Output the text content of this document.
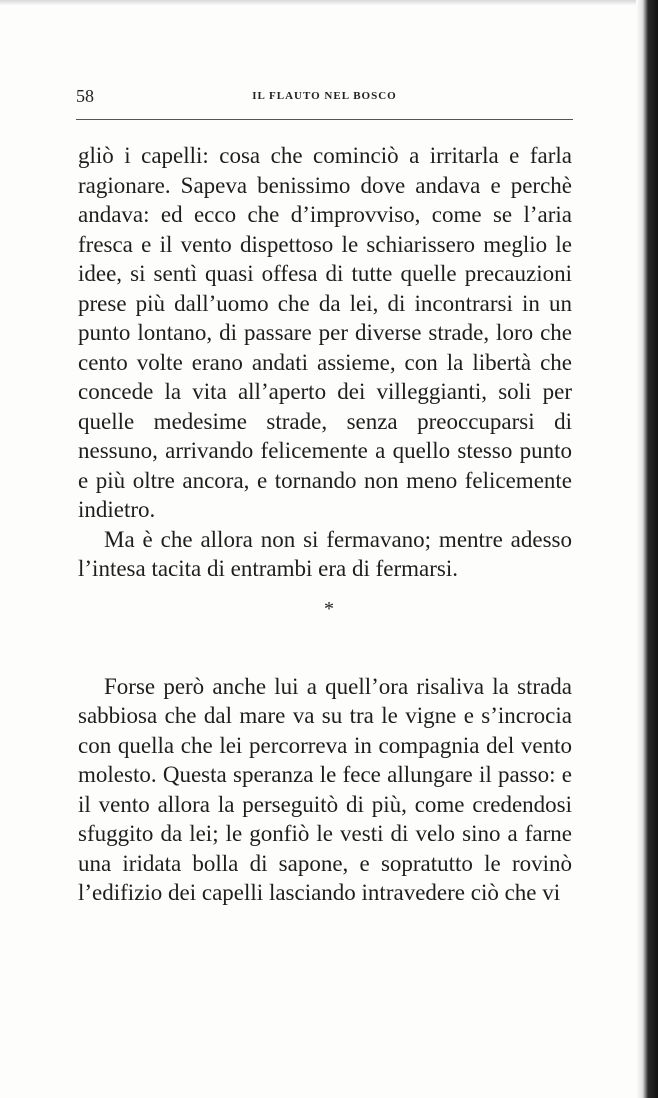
58	IL FLAUTO NEL BOSCO

gliò i capelli: cosa che cominciò a irritarla e farla ragionare. Sapeva benissimo dove andava e perchè andava: ed ecco che d’improvviso, come se l’aria fresca e il vento dispettoso le schiarissero meglio le idee, si sentì quasi offesa di tutte quelle precauzioni prese più dall’uomo che da lei, di incontrarsi in un punto lontano, di passare per diverse strade, loro che cento volte erano andati assieme, con la libertà che concede la vita all’aperto dei villeggianti, soli per quelle medesime strade, senza preoccuparsi di nessuno, arrivando felicemente a quello stesso punto e più oltre ancora, e tornando non meno felicemente indietro.

Ma è che allora non si fermavano; mentre adesso l’intesa tacita di entrambi era di fermarsi.

*

Forse però anche lui a quell’ora risaliva la strada sabbiosa che dal mare va su tra le vigne e s’incrocia con quella che lei percorreva in compagnia del vento molesto. Questa speranza le fece allungare il passo: e il vento allora la perseguitò di più, come credendosi sfuggito da lei; le gonfiò le vesti di velo sino a farne una iridata bolla di sapone, e sopratutto le rovinò l’edifizio dei capelli lasciando intravedere ciò che vi
